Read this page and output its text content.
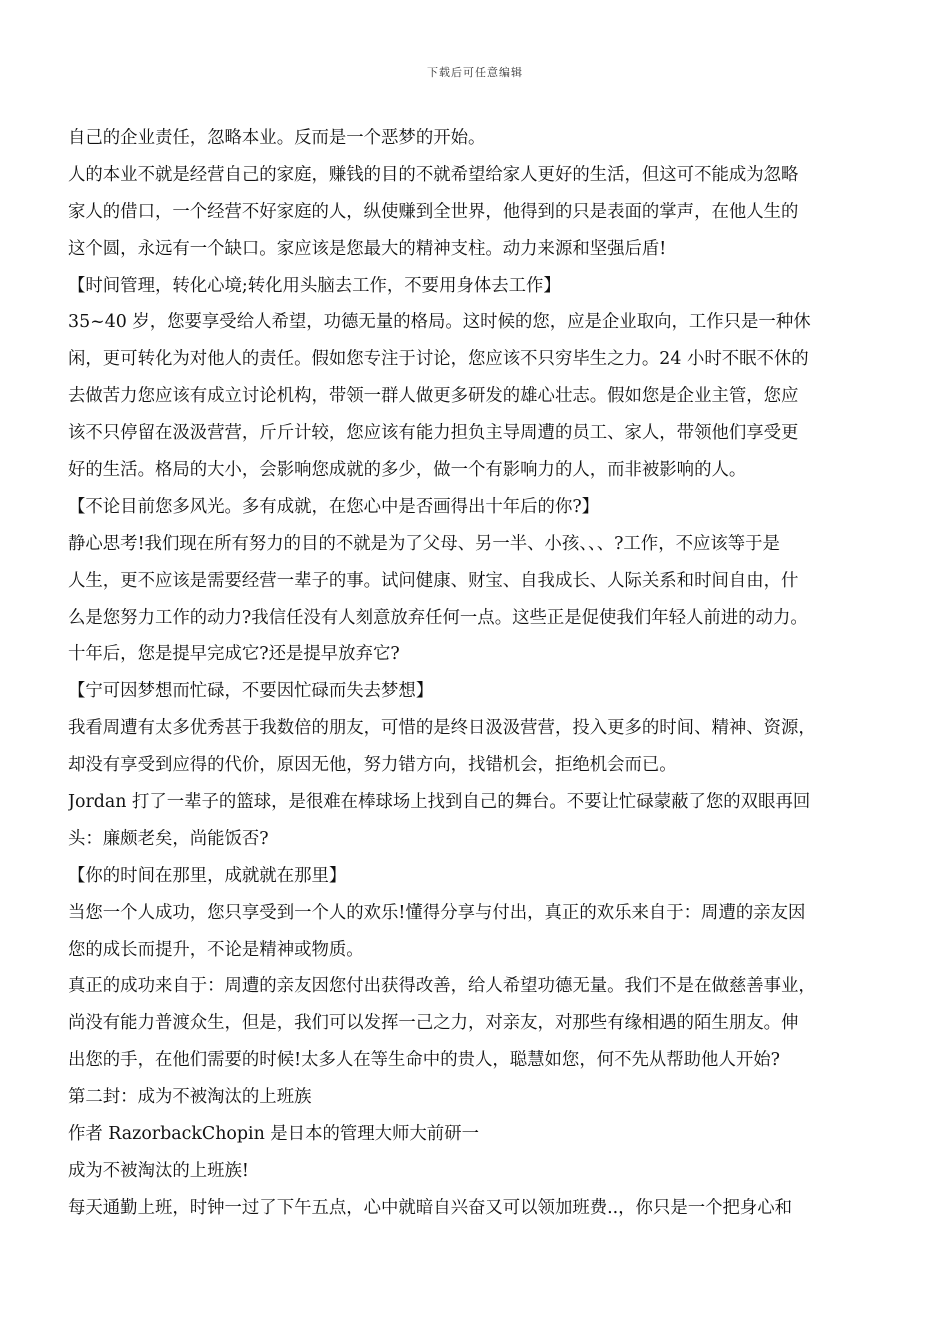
下载后可任意编辑
自己的企业责任，忽略本业。反而是一个恶梦的开始。
人的本业不就是经营自己的家庭，赚钱的目的不就希望给家人更好的生活，但这可不能成为忽略
家人的借口，一个经营不好家庭的人，纵使赚到全世界，他得到的只是表面的掌声，在他人生的
这个圆，永远有一个缺口。家应该是您最大的精神支柱。动力来源和坚强后盾!
【时间管理，转化心境;转化用头脑去工作，不要用身体去工作】
35~40 岁，您要享受给人希望，功德无量的格局。这时候的您，应是企业取向，工作只是一种休
闲，更可转化为对他人的责任。假如您专注于讨论，您应该不只穷毕生之力。24 小时不眠不休的
去做苦力您应该有成立讨论机构，带领一群人做更多研发的雄心壮志。假如您是企业主管，您应
该不只停留在汲汲营营，斤斤计较，您应该有能力担负主导周遭的员工、家人，带领他们享受更
好的生活。格局的大小，会影响您成就的多少，做一个有影响力的人，而非被影响的人。
【不论目前您多风光。多有成就，在您心中是否画得出十年后的你?】
静心思考!我们现在所有努力的目的不就是为了父母、另一半、小孩、、、?工作，不应该等于是
人生，更不应该是需要经营一辈子的事。试问健康、财宝、自我成长、人际关系和时间自由，什
么是您努力工作的动力?我信任没有人刻意放弃任何一点。这些正是促使我们年轻人前进的动力。
十年后，您是提早完成它?还是提早放弃它?
【宁可因梦想而忙碌，不要因忙碌而失去梦想】
我看周遭有太多优秀甚于我数倍的朋友，可惜的是终日汲汲营营，投入更多的时间、精神、资源，
却没有享受到应得的代价，原因无他，努力错方向，找错机会，拒绝机会而已。
Jordan 打了一辈子的篮球，是很难在棒球场上找到自己的舞台。不要让忙碌蒙蔽了您的双眼再回
头：廉颇老矣，尚能饭否?
【你的时间在那里，成就就在那里】
当您一个人成功，您只享受到一个人的欢乐!懂得分享与付出，真正的欢乐来自于：周遭的亲友因
您的成长而提升，不论是精神或物质。
真正的成功来自于：周遭的亲友因您付出获得改善，给人希望功德无量。我们不是在做慈善事业，
尚没有能力普渡众生，但是，我们可以发挥一己之力，对亲友，对那些有缘相遇的陌生朋友。伸
出您的手，在他们需要的时候!太多人在等生命中的贵人，聪慧如您，何不先从帮助他人开始?
第二封：成为不被淘汰的上班族
作者 RazorbackChopin 是日本的管理大师大前研一
成为不被淘汰的上班族!
每天通勤上班，时钟一过了下午五点，心中就暗自兴奋又可以领加班费..，你只是一个把身心和
